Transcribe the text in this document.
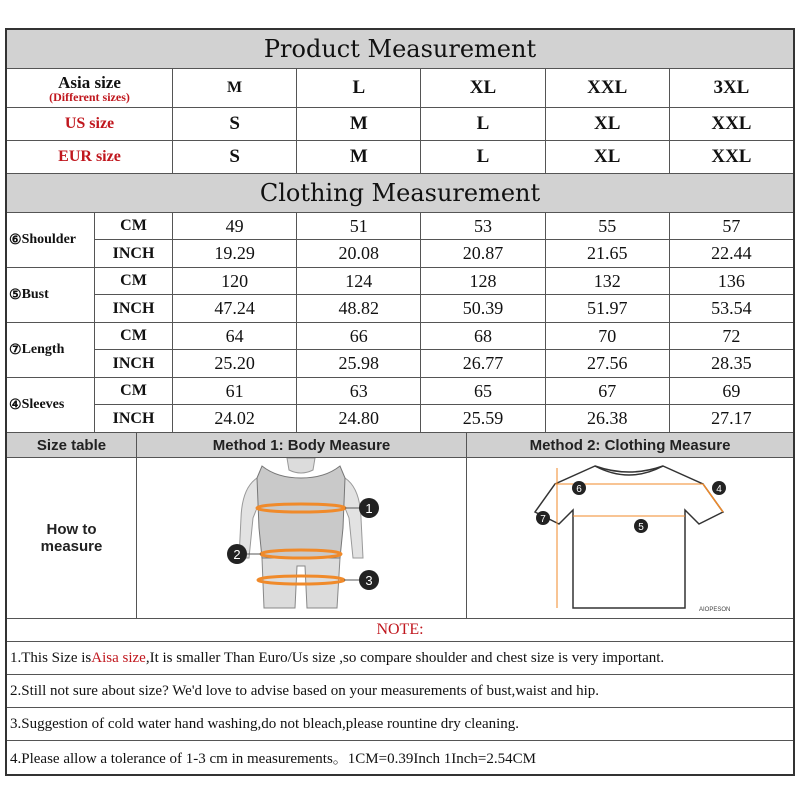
Product Measurement
Asia size
(Different sizes)
M	L	XL	XXL	3XL
US size	S	M	L	XL	XXL
EUR size	S	M	L	XL	XXL
Clothing Measurement
⑥ Shoulder
CM	49	51	53	55	57
INCH	19.29	20.08	20.87	21.65	22.44
⑤ Bust
CM	120	124	128	132	136
INCH	47.24	48.82	50.39	51.97	53.54
⑦ Length
CM	64	66	68	70	72
INCH	25.20	25.98	26.77	27.56	28.35
④ Sleeves
CM	61	63	65	67	69
INCH	24.02	24.80	25.59	26.38	27.17
Size table	Method 1: Body Measure	Method 2: Clothing Measure
How to measure
1
2
3
6	4
7
5
AIOPESON
NOTE:
1.This Size is Aisa size ,It is smaller Than Euro/Us size ,so compare shoulder and chest size is very important.
2.Still not sure about size? We'd love to advise based on your measurements of bust,waist and hip.
3.Suggestion of cold water hand washing,do not bleach,please rountine dry cleaning.
4.Please allow a tolerance of 1-3 cm in measurements。1CM=0.39Inch 1Inch=2.54CM
